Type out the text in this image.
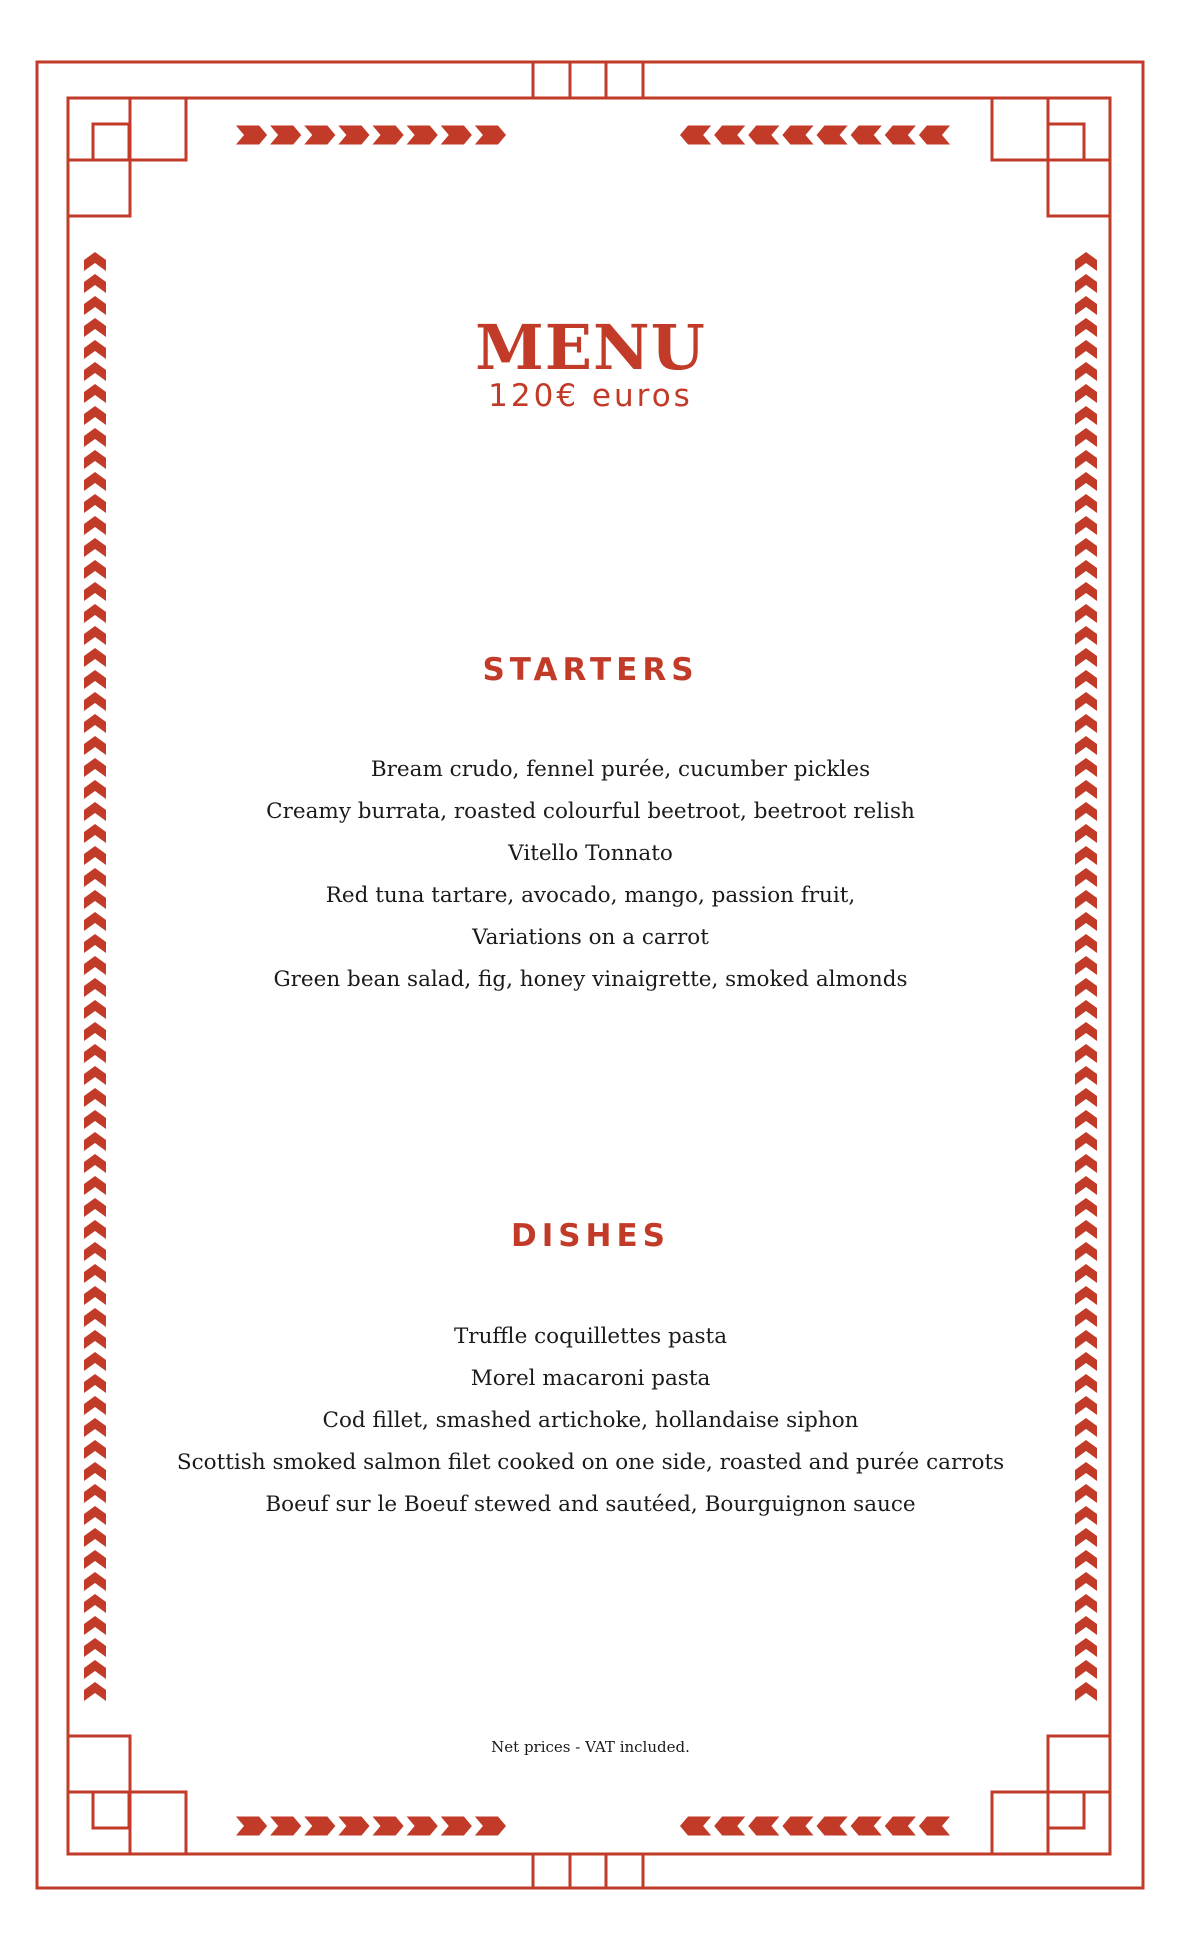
MENU
120€ euros
STARTERS
Bream crudo, fennel purée, cucumber pickles
Creamy burrata, roasted colourful beetroot, beetroot relish
Vitello Tonnato
Red tuna tartare, avocado, mango, passion fruit,
Variations on a carrot
Green bean salad, fig, honey vinaigrette, smoked almonds
DISHES
Truffle coquillettes pasta
Morel macaroni pasta
Cod fillet, smashed artichoke, hollandaise siphon
Scottish smoked salmon filet cooked on one side, roasted and purée carrots
Boeuf sur le Boeuf stewed and sautéed, Bourguignon sauce
Net prices - VAT included.
